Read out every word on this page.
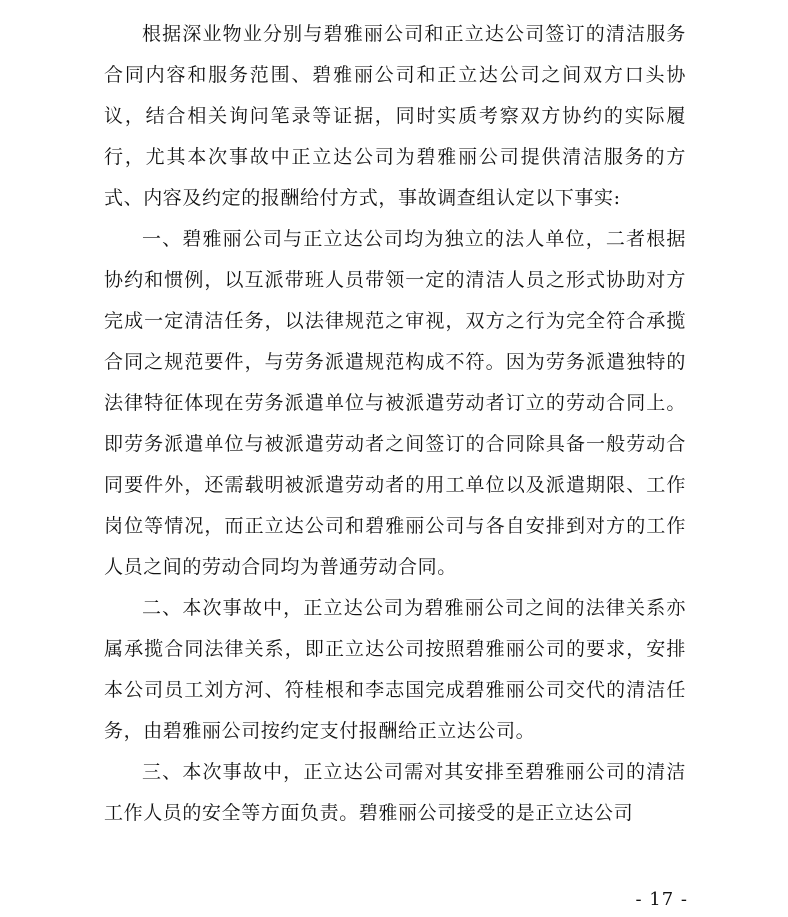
根据深业物业分别与碧雅丽公司和正立达公司签订的清洁服务合同内容和服务范围、碧雅丽公司和正立达公司之间双方口头协议，结合相关询问笔录等证据，同时实质考察双方协约的实际履行，尤其本次事故中正立达公司为碧雅丽公司提供清洁服务的方式、内容及约定的报酬给付方式，事故调查组认定以下事实:

一、碧雅丽公司与正立达公司均为独立的法人单位，二者根据协约和惯例，以互派带班人员带领一定的清洁人员之形式协助对方完成一定清洁任务，以法律规范之审视，双方之行为完全符合承揽合同之规范要件，与劳务派遣规范构成不符。因为劳务派遣独特的法律特征体现在劳务派遣单位与被派遣劳动者订立的劳动合同上。即劳务派遣单位与被派遣劳动者之间签订的合同除具备一般劳动合同要件外，还需载明被派遣劳动者的用工单位以及派遣期限、工作岗位等情况，而正立达公司和碧雅丽公司与各自安排到对方的工作人员之间的劳动合同均为普通劳动合同。

二、本次事故中，正立达公司为碧雅丽公司之间的法律关系亦属承揽合同法律关系，即正立达公司按照碧雅丽公司的要求，安排本公司员工刘方河、符桂根和李志国完成碧雅丽公司交代的清洁任务，由碧雅丽公司按约定支付报酬给正立达公司。

三、本次事故中，正立达公司需对其安排至碧雅丽公司的清洁工作人员的安全等方面负责。碧雅丽公司接受的是正立达公司

- 17 -
